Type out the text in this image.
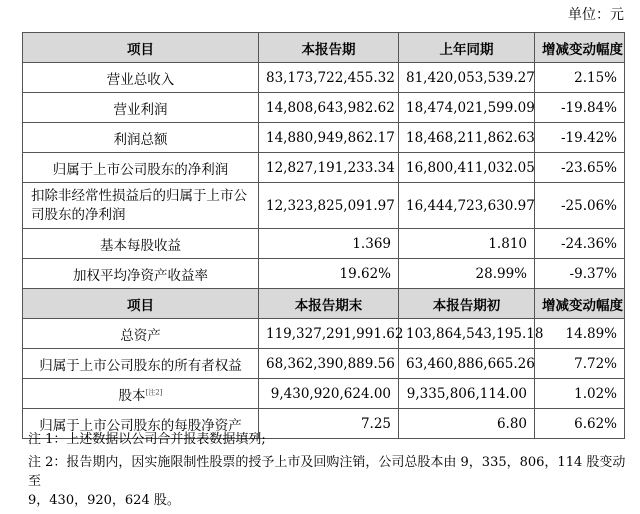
单位：元
项目	本报告期	上年同期	增减变动幅度
营业总收入	83,173,722,455.32	81,420,053,539.27	2.15%
营业利润	14,808,643,982.62	18,474,021,599.09	-19.84%
利润总额	14,880,949,862.17	18,468,211,862.63	-19.42%
归属于上市公司股东的净利润	12,827,191,233.34	16,800,411,032.05	-23.65%
扣除非经常性损益后的归属于上市公司股东的净利润	12,323,825,091.97	16,444,723,630.97	-25.06%
基本每股收益	1.369	1.810	-24.36%
加权平均净资产收益率	19.62%	28.99%	-9.37%
项目	本报告期末	本报告期初	增减变动幅度
总资产	119,327,291,991.62	103,864,543,195.18	14.89%
归属于上市公司股东的所有者权益	68,362,390,889.56	63,460,886,665.26	7.72%
股本[注2]	9,430,920,624.00	9,335,806,114.00	1.02%
归属于上市公司股东的每股净资产	7.25	6.80	6.62%

注 1：上述数据以公司合并报表数据填列;

注 2：报告期内，因实施限制性股票的授予上市及回购注销，公司总股本由 9，335，806，114 股变动至
9，430，920，624 股。
